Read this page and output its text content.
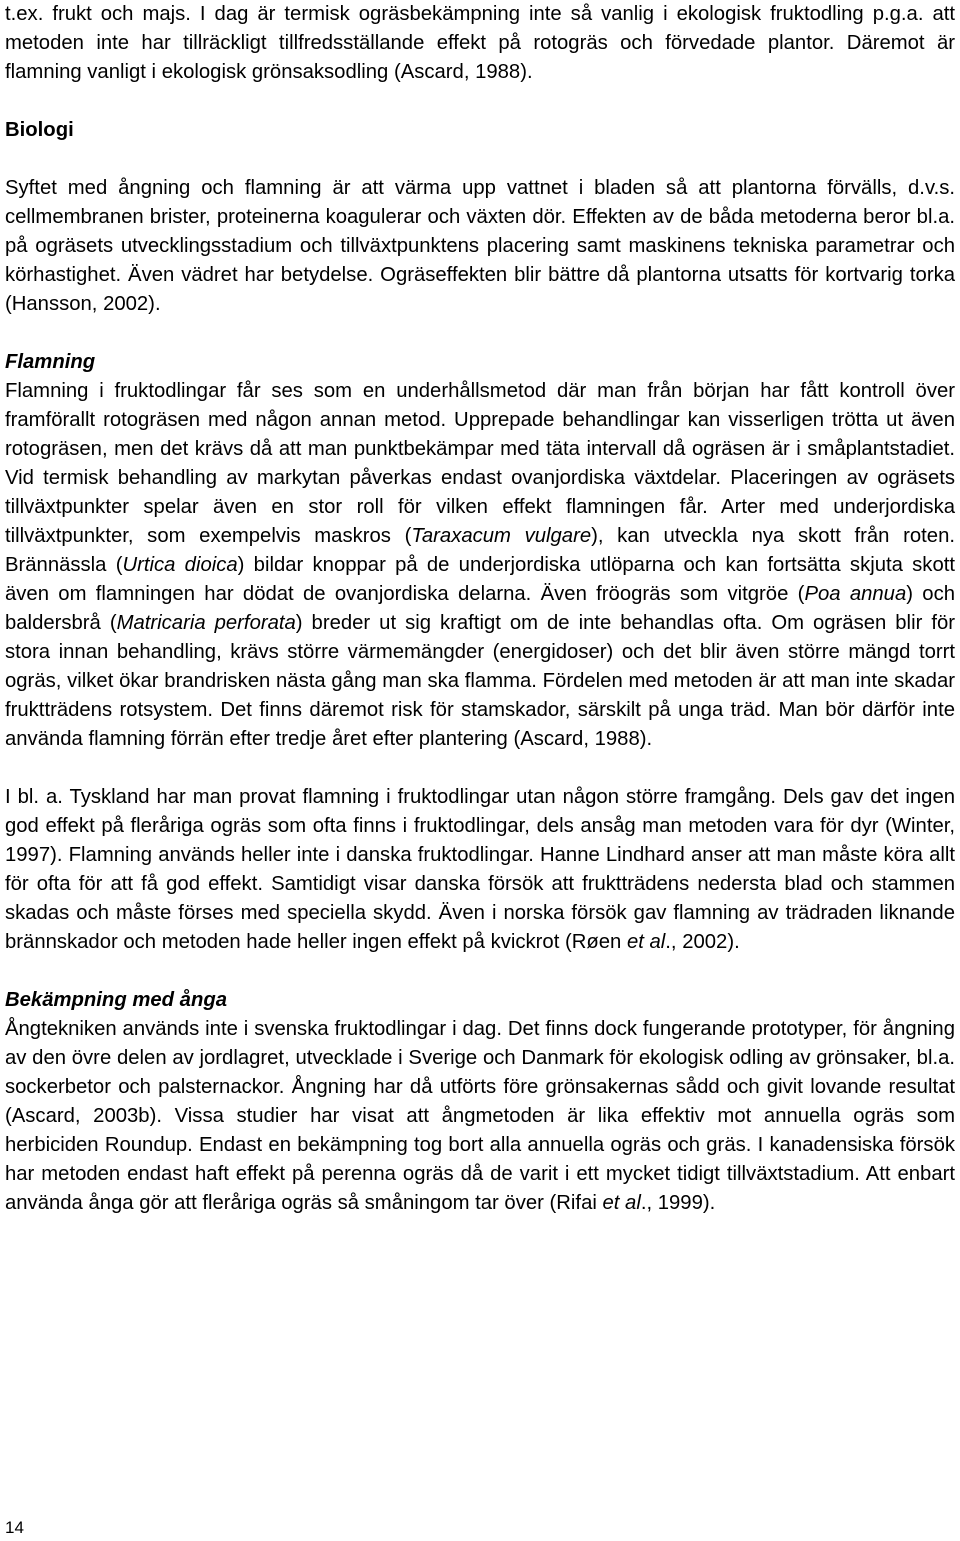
t.ex. frukt och majs. I dag är termisk ogräsbekämpning inte så vanlig i ekologisk fruktodling p.g.a. att metoden inte har tillräckligt tillfredsställande effekt på rotogräs och förvedade plantor. Däremot är flamning vanligt i ekologisk grönsaksodling (Ascard, 1988).

Biologi

Syftet med ångning och flamning är att värma upp vattnet i bladen så att plantorna förvälls, d.v.s. cellmembranen brister, proteinerna koagulerar och växten dör. Effekten av de båda metoderna beror bl.a. på ogräsets utvecklingsstadium och tillväxtpunktens placering samt maskinens tekniska parametrar och körhastighet. Även vädret har betydelse. Ogräseffekten blir bättre då plantorna utsatts för kortvarig torka (Hansson, 2002).

Flamning

Flamning i fruktodlingar får ses som en underhållsmetod där man från början har fått kontroll över framförallt rotogräsen med någon annan metod. Upprepade behandlingar kan visserligen trötta ut även rotogräsen, men det krävs då att man punktbekämpar med täta intervall då ogräsen är i småplantstadiet. Vid termisk behandling av markytan påverkas endast ovanjordiska växtdelar. Placeringen av ogräsets tillväxtpunkter spelar även en stor roll för vilken effekt flamningen får. Arter med underjordiska tillväxtpunkter, som exempelvis maskros (Taraxacum vulgare), kan utveckla nya skott från roten. Brännässla (Urtica dioica) bildar knoppar på de underjordiska utlöparna och kan fortsätta skjuta skott även om flamningen har dödat de ovanjordiska delarna. Även fröogräs som vitgröe (Poa annua) och baldersbrå (Matricaria perforata) breder ut sig kraftigt om de inte behandlas ofta. Om ogräsen blir för stora innan behandling, krävs större värmemängder (energidoser) och det blir även större mängd torrt ogräs, vilket ökar brandrisken nästa gång man ska flamma. Fördelen med metoden är att man inte skadar fruktträdens rotsystem. Det finns däremot risk för stamskador, särskilt på unga träd. Man bör därför inte använda flamning förrän efter tredje året efter plantering (Ascard, 1988).

I bl. a. Tyskland har man provat flamning i fruktodlingar utan någon större framgång. Dels gav det ingen god effekt på fleråriga ogräs som ofta finns i fruktodlingar, dels ansåg man metoden vara för dyr (Winter, 1997). Flamning används heller inte i danska fruktodlingar. Hanne Lindhard anser att man måste köra allt för ofta för att få god effekt. Samtidigt visar danska försök att fruktträdens nedersta blad och stammen skadas och måste förses med speciella skydd. Även i norska försök gav flamning av trädraden liknande brännskador och metoden hade heller ingen effekt på kvickrot (Røen et al., 2002).

Bekämpning med ånga

Ångtekniken används inte i svenska fruktodlingar i dag. Det finns dock fungerande prototyper, för ångning av den övre delen av jordlagret, utvecklade i Sverige och Danmark för ekologisk odling av grönsaker, bl.a. sockerbetor och palsternackor. Ångning har då utförts före grönsakernas sådd och givit lovande resultat (Ascard, 2003b). Vissa studier har visat att ångmetoden är lika effektiv mot annuella ogräs som herbiciden Roundup. Endast en bekämpning tog bort alla annuella ogräs och gräs. I kanadensiska försök har metoden endast haft effekt på perenna ogräs då de varit i ett mycket tidigt tillväxtstadium. Att enbart använda ånga gör att fleråriga ogräs så småningom tar över (Rifai et al., 1999).

14
